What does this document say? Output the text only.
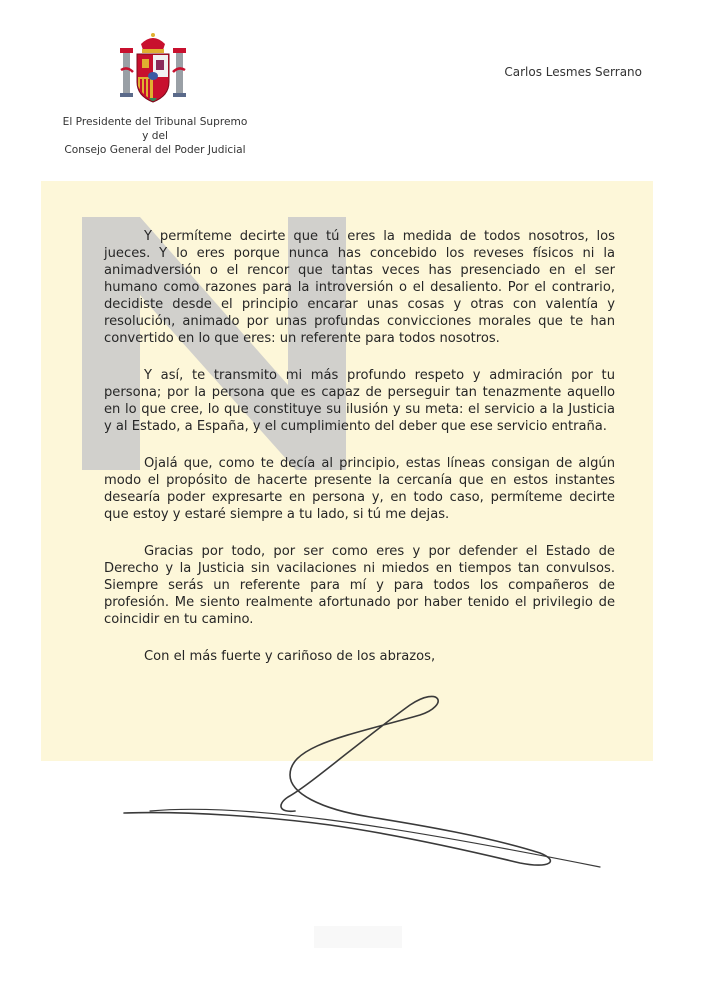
El Presidente del Tribunal Supremo
y del
Consejo General del Poder Judicial
Carlos Lesmes Serrano

Y permíteme decirte que tú eres la medida de todos nosotros, los jueces. Y lo eres porque nunca has concebido los reveses físicos ni la animadversión o el rencor que tantas veces has presenciado en el ser humano como razones para la introversión o el desaliento. Por el contrario, decidiste desde el principio encarar unas cosas y otras con valentía y resolución, animado por unas profundas convicciones morales que te han convertido en lo que eres: un referente para todos nosotros.

Y así, te transmito mi más profundo respeto y admiración por tu persona; por la persona que es capaz de perseguir tan tenazmente aquello en lo que cree, lo que constituye su ilusión y su meta: el servicio a la Justicia y al Estado, a España, y el cumplimiento del deber que ese servicio entraña.

Ojalá que, como te decía al principio, estas líneas consigan de algún modo el propósito de hacerte presente la cercanía que en estos instantes desearía poder expresarte en persona y, en todo caso, permíteme decirte que estoy y estaré siempre a tu lado, si tú me dejas.

Gracias por todo, por ser como eres y por defender el Estado de Derecho y la Justicia sin vacilaciones ni miedos en tiempos tan convulsos. Siempre serás un referente para mí y para todos los compañeros de profesión. Me siento realmente afortunado por haber tenido el privilegio de coincidir en tu camino.

Con el más fuerte y cariñoso de los abrazos,
